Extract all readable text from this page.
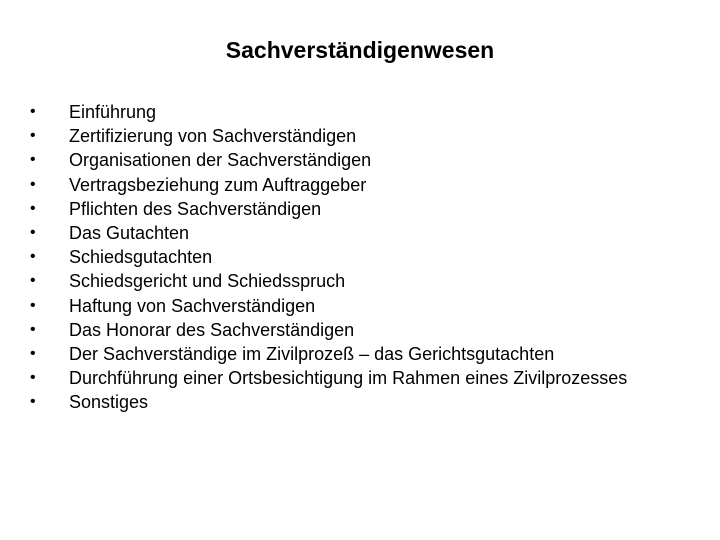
Sachverständigenwesen
•	Einführung
•	Zertifizierung von Sachverständigen
•	Organisationen der Sachverständigen
•	Vertragsbeziehung zum Auftraggeber
•	Pflichten des Sachverständigen
•	Das Gutachten
•	Schiedsgutachten
•	Schiedsgericht und Schiedsspruch
•	Haftung von Sachverständigen
•	Das Honorar des Sachverständigen
•	Der Sachverständige im Zivilprozeß – das Gerichtsgutachten
•	Durchführung einer Ortsbesichtigung im Rahmen eines Zivilprozesses
•	Sonstiges
